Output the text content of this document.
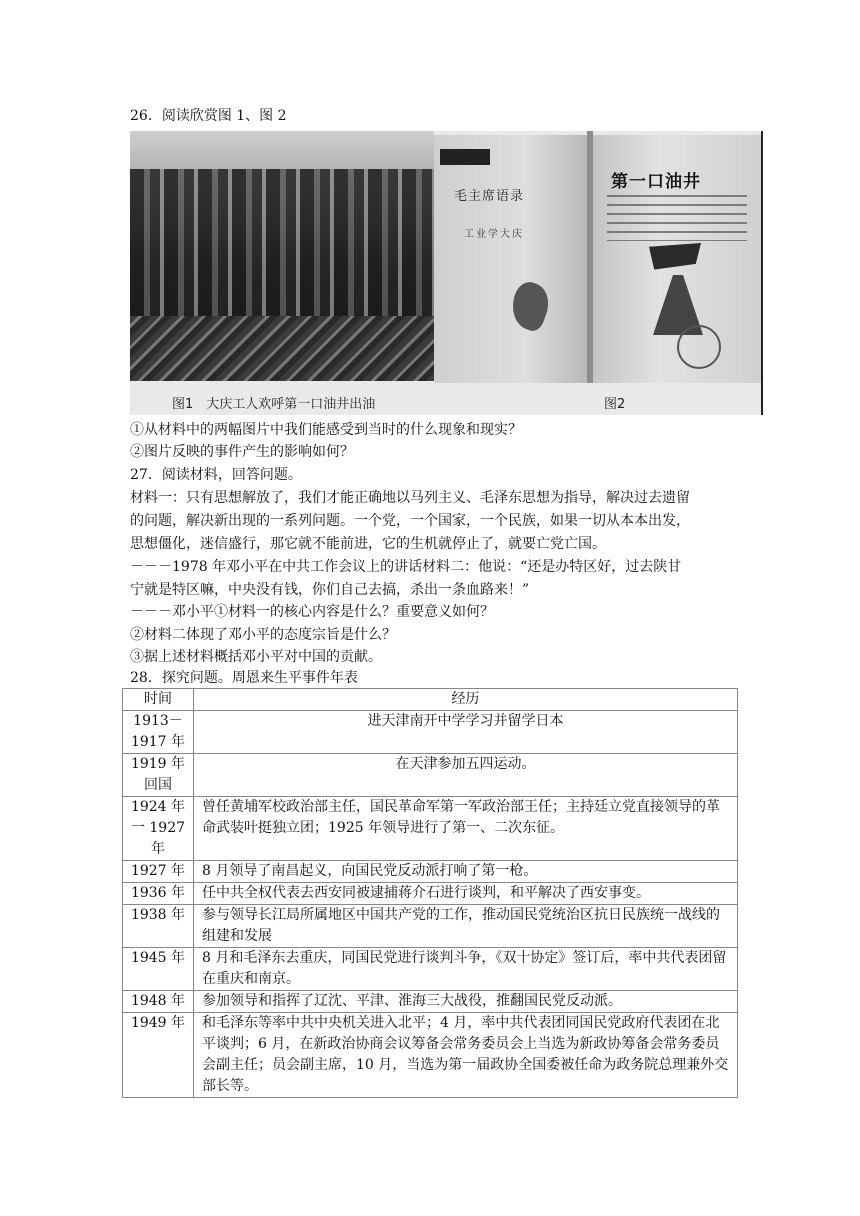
26．阅读欣赏图 1、图 2
毛主席语录
工业学大庆
第一口油井
图1　大庆工人欢呼第一口油井出油	图2
①从材料中的两幅图片中我们能感受到当时的什么现象和现实？
②图片反映的事件产生的影响如何？
27．阅读材料，回答问题。
材料一：只有思想解放了，我们才能正确地以马列主义、毛泽东思想为指导，解决过去遗留
的问题，解决新出现的一系列问题。一个党，一个国家，一个民族，如果一切从本本出发，
思想僵化，迷信盛行，那它就不能前进，它的生机就停止了，就要亡党亡国。
－－－1978 年邓小平在中共工作会议上的讲话材料二：他说：“还是办特区好，过去陕甘
宁就是特区嘛，中央没有钱，你们自己去搞，杀出一条血路来！”
－－－邓小平①材料一的核心内容是什么？重要意义如何？
②材料二体现了邓小平的态度宗旨是什么？
③据上述材料概括邓小平对中国的贡献。
28．探究问题。周恩来生平事件年表
时间	经历
1913－1917 年	进天津南开中学学习并留学日本
1919 年回国	在天津参加五四运动。
1924 年一 1927 年	曾任黄埔军校政治部主任，国民革命军第一军政治部王任；主持廷立党直接领导的革命武装叶挺独立团；1925 年领导进行了第一、二次东征。
1927 年	8 月领导了南昌起义，向国民党反动派打响了第一枪。
1936 年	任中共全权代表去西安同被逮捕蒋介石进行谈判，和平解决了西安事变。
1938 年	参与领导长江局所属地区中国共产党的工作，推动国民党统治区抗日民族统一战线的组建和发展
1945 年	8 月和毛泽东去重庆，同国民党进行谈判斗争，《双十协定》签订后，率中共代表团留在重庆和南京。
1948 年	参加领导和指挥了辽沈、平津、淮海三大战役，推翻国民党反动派。
1949 年	和毛泽东等率中共中央机关进入北平；4 月，率中共代表团同国民党政府代表团在北平谈判；6 月，在新政治协商会议筹备会常务委员会上当选为新政协筹备会常务委员会副主任；员会副主席，10 月，当选为第一届政协全国委被任命为政务院总理兼外交部长等。
